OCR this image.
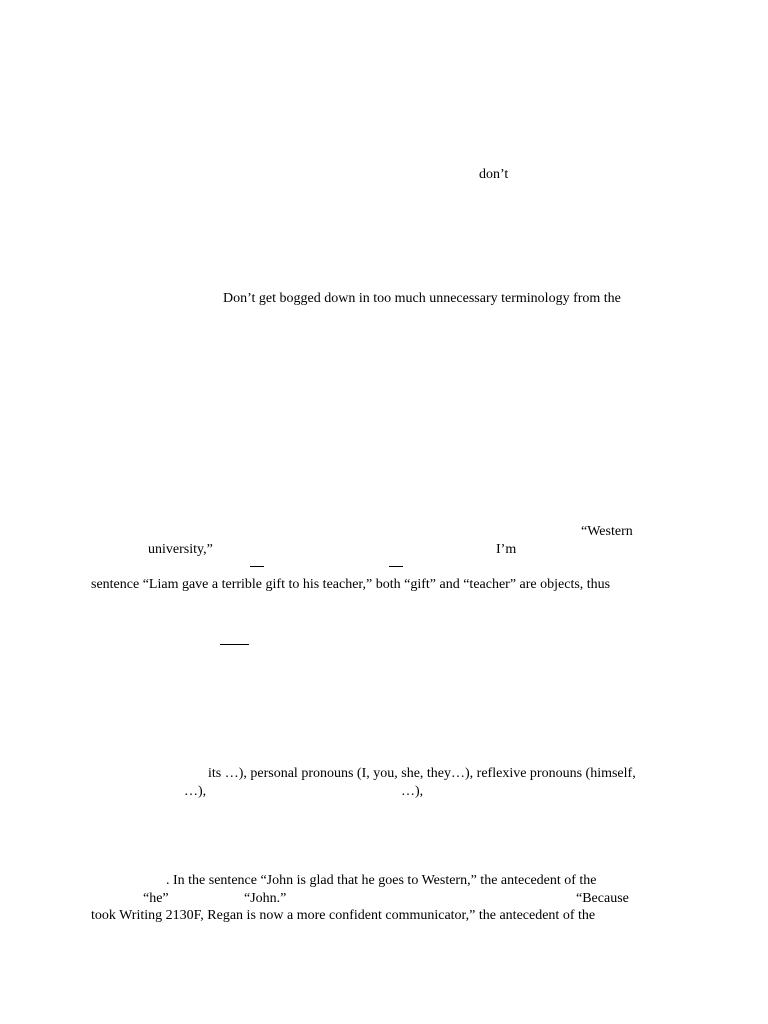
don’t
Don’t get bogged down in too much unnecessary terminology from the
“Western
university,”	I’m
sentence “Liam gave a terrible gift to his teacher,” both “gift” and “teacher” are objects, thus
its …), personal pronouns (I, you, she, they…), reflexive pronouns (himself,
…),	…),
. In the sentence “John is glad that he goes to Western,” the antecedent of the
“he”	“John.”	“Because
took Writing 2130F, Regan is now a more confident communicator,” the antecedent of the
